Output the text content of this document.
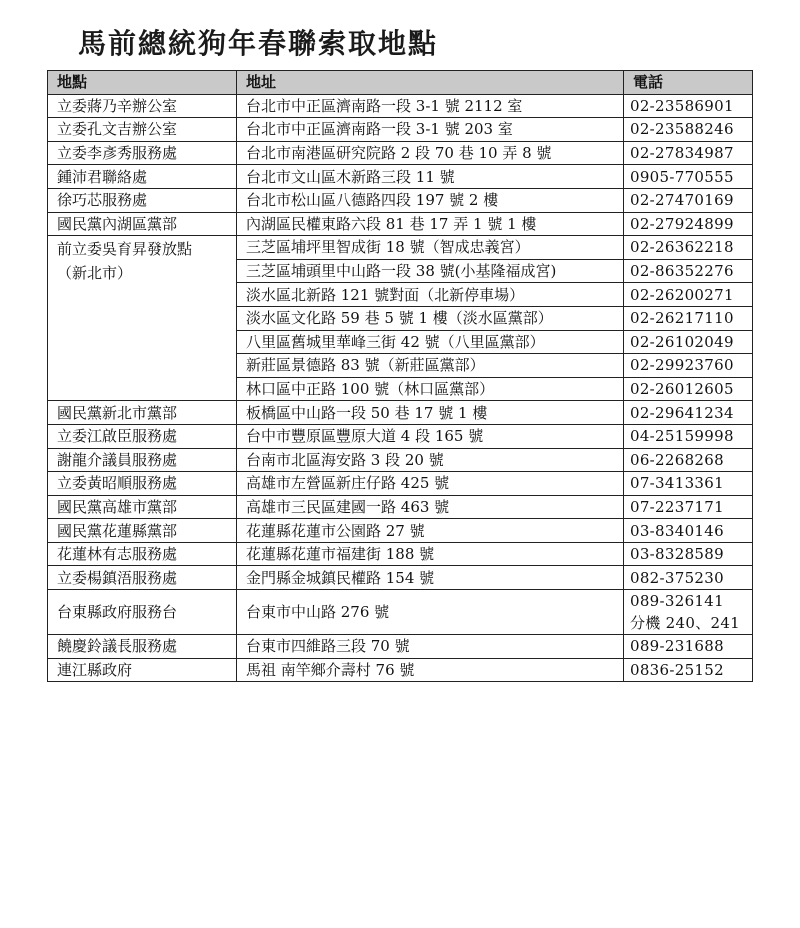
馬前總統狗年春聯索取地點
地點	地址	電話
立委蔣乃辛辦公室	台北市中正區濟南路一段 3-1 號 2112 室	02-23586901
立委孔文吉辦公室	台北市中正區濟南路一段 3-1 號 203 室	02-23588246
立委李彥秀服務處	台北市南港區研究院路 2 段 70 巷 10 弄 8 號	02-27834987
鍾沛君聯絡處	台北市文山區木新路三段 11 號	0905-770555
徐巧芯服務處	台北市松山區八德路四段 197 號 2 樓	02-27470169
國民黨內湖區黨部	內湖區民權東路六段 81 巷 17 弄 1 號 1 樓	02-27924899

前立委吳育昇發放點
（新北市）	三芝區埔坪里智成街 18 號（智成忠義宮）	02-26362218
	三芝區埔頭里中山路一段 38 號(小基隆福成宮)	02-86352276
	淡水區北新路 121 號對面（北新停車場）	02-26200271
	淡水區文化路 59 巷 5 號 1 樓（淡水區黨部）	02-26217110
	八里區舊城里華峰三街 42 號（八里區黨部）	02-26102049
	新莊區景德路 83 號（新莊區黨部）	02-29923760
	林口區中正路 100 號（林口區黨部）	02-26012605
國民黨新北市黨部	板橋區中山路一段 50 巷 17 號 1 樓	02-29641234
立委江啟臣服務處	台中市豐原區豐原大道 4 段 165 號	04-25159998
謝龍介議員服務處	台南市北區海安路 3 段 20 號	06-2268268
立委黃昭順服務處	高雄市左營區新庄仔路 425 號	07-3413361
國民黨高雄市黨部	高雄市三民區建國一路 463 號	07-2237171
國民黨花蓮縣黨部	花蓮縣花蓮市公園路 27 號	03-8340146
花蓮林有志服務處	花蓮縣花蓮市福建街 188 號	03-8328589
立委楊鎮浯服務處	金門縣金城鎮民權路 154 號	082-375230
台東縣政府服務台	台東市中山路 276 號	089-326141
分機 240、241

饒慶鈴議長服務處	台東市四維路三段 70 號	089-231688
連江縣政府	馬祖 南竿鄉介壽村 76 號	0836-25152
